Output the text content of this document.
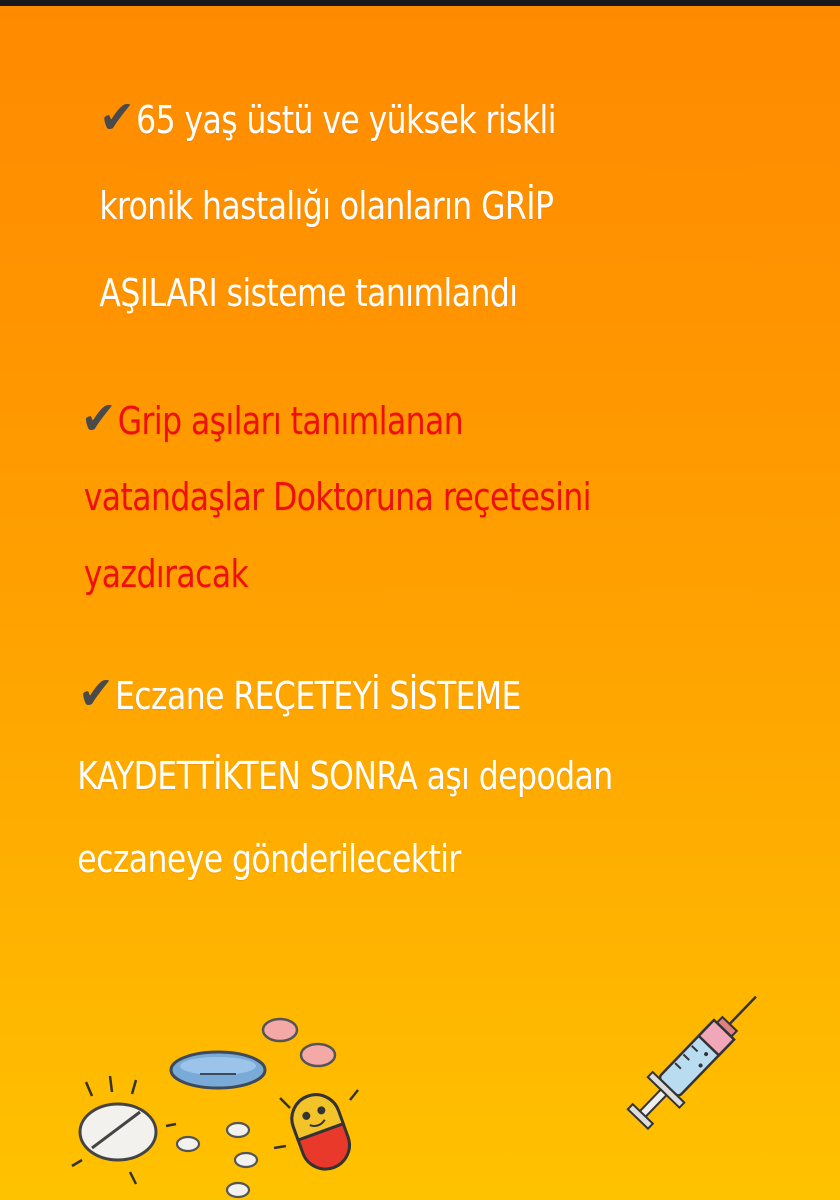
✔65 yaş üstü ve yüksek riskli
kronik hastalığı olanların GRİP
AŞILARI sisteme tanımlandı
✔Grip aşıları tanımlanan
vatandaşlar Doktoruna reçetesini
yazdıracak
✔Eczane REÇETEYİ SİSTEME
KAYDETTİKTEN SONRA aşı depodan
eczaneye gönderilecektir
